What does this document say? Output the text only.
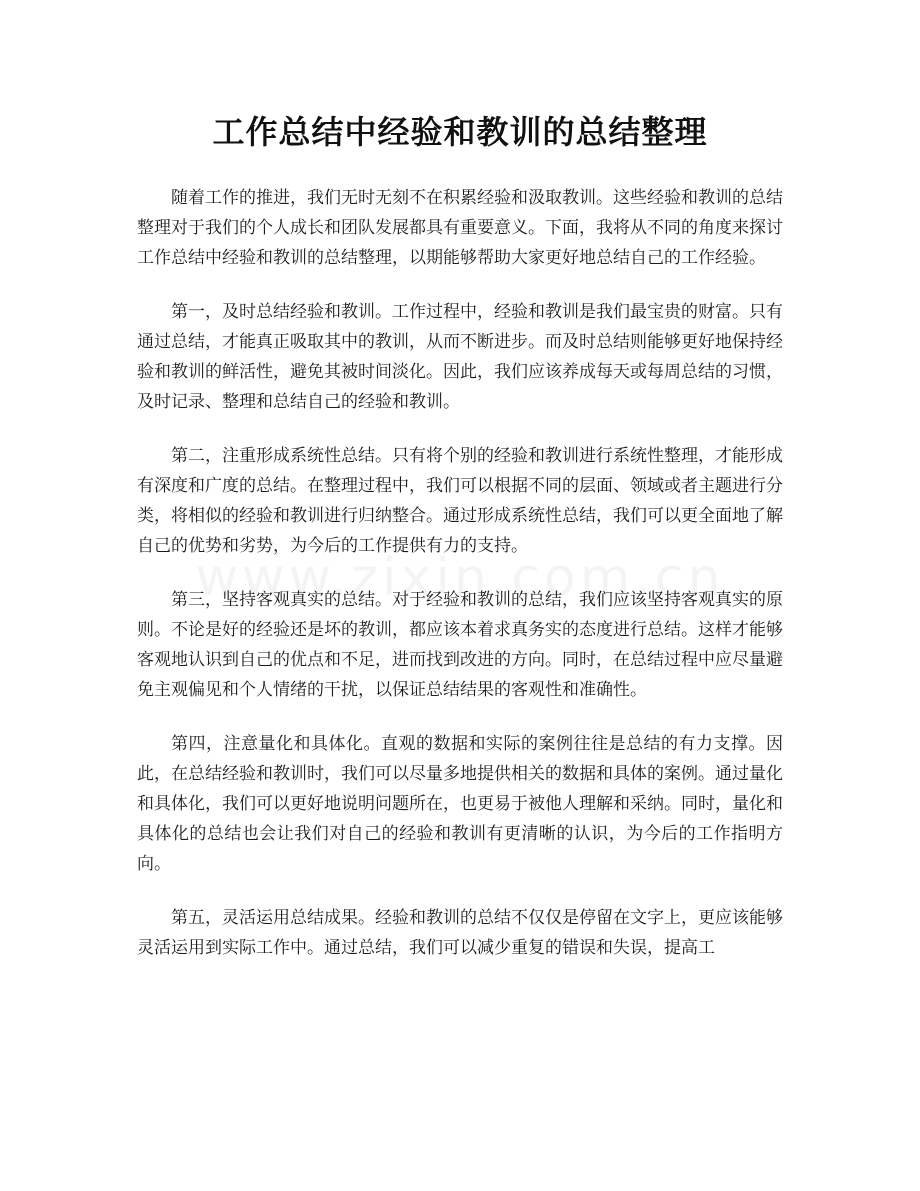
工作总结中经验和教训的总结整理

随着工作的推进，我们无时无刻不在积累经验和汲取教训。这些经验和教训的总结整理对于我们的个人成长和团队发展都具有重要意义。下面，我将从不同的角度来探讨工作总结中经验和教训的总结整理，以期能够帮助大家更好地总结自己的工作经验。

第一，及时总结经验和教训。工作过程中，经验和教训是我们最宝贵的财富。只有通过总结，才能真正吸取其中的教训，从而不断进步。而及时总结则能够更好地保持经验和教训的鲜活性，避免其被时间淡化。因此，我们应该养成每天或每周总结的习惯，及时记录、整理和总结自己的经验和教训。

第二，注重形成系统性总结。只有将个别的经验和教训进行系统性整理，才能形成有深度和广度的总结。在整理过程中，我们可以根据不同的层面、领域或者主题进行分类，将相似的经验和教训进行归纳整合。通过形成系统性总结，我们可以更全面地了解自己的优势和劣势，为今后的工作提供有力的支持。

第三，坚持客观真实的总结。对于经验和教训的总结，我们应该坚持客观真实的原则。不论是好的经验还是坏的教训，都应该本着求真务实的态度进行总结。这样才能够客观地认识到自己的优点和不足，进而找到改进的方向。同时，在总结过程中应尽量避免主观偏见和个人情绪的干扰，以保证总结结果的客观性和准确性。

第四，注意量化和具体化。直观的数据和实际的案例往往是总结的有力支撑。因此，在总结经验和教训时，我们可以尽量多地提供相关的数据和具体的案例。通过量化和具体化，我们可以更好地说明问题所在，也更易于被他人理解和采纳。同时，量化和具体化的总结也会让我们对自己的经验和教训有更清晰的认识，为今后的工作指明方向。

第五，灵活运用总结成果。经验和教训的总结不仅仅是停留在文字上，更应该能够灵活运用到实际工作中。通过总结，我们可以减少重复的错误和失误，提高工
